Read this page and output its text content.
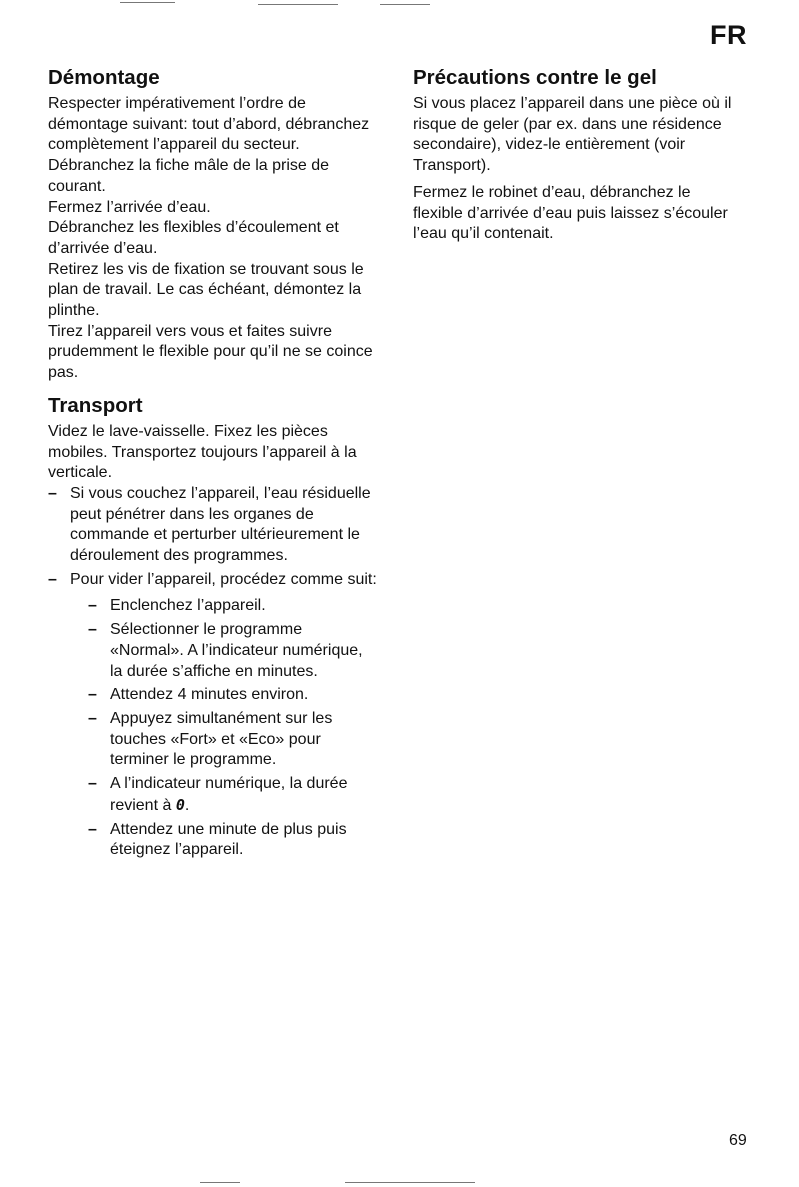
FR
Démontage

Respecter impérativement l’ordre de démontage suivant: tout d’abord, débranchez complètement l’appareil du secteur.

Débranchez la fiche mâle de la prise de courant.

Fermez l’arrivée d’eau.

Débranchez les flexibles d’écoulement et d’arrivée d’eau.

Retirez les vis de fixation se trouvant sous le plan de travail. Le cas échéant, démontez la plinthe.

Tirez l’appareil vers vous et faites suivre prudemment le flexible pour qu’il ne se coince pas.

Transport

Videz le lave-vaisselle. Fixez les pièces mobiles. Transportez toujours l’appareil à la verticale.

– Si vous couchez l’appareil, l’eau résiduelle peut pénétrer dans les organes de commande et perturber ultérieurement le déroulement des programmes.
– Pour vider l’appareil, procédez comme suit:
– Enclenchez l’appareil.
– Sélectionner le programme «Normal». A l’indicateur numérique, la durée s’affiche en minutes.
– Attendez 4 minutes environ.
– Appuyez simultanément sur les touches «Fort» et «Eco» pour terminer le programme.
– A l’indicateur numérique, la durée revient à 0.
– Attendez une minute de plus puis éteignez l’appareil.
Précautions contre le gel

Si vous placez l’appareil dans une pièce où il risque de geler (par ex. dans une résidence secondaire), videz-le entièrement (voir Transport).

Fermez le robinet d’eau, débranchez le flexible d’arrivée d’eau puis laissez s’écouler l’eau qu’il contenait.

69
